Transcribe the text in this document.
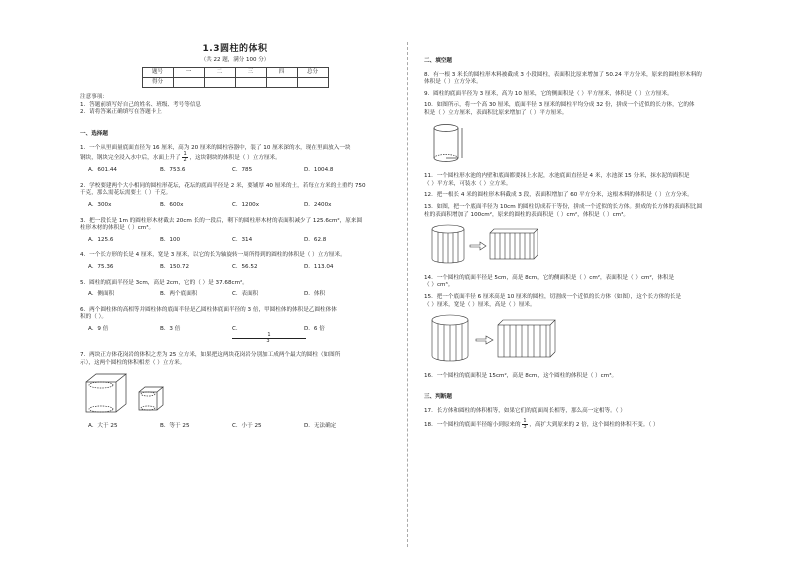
1.3圆柱的体积
（共 22 题，满分 100 分）
题号	一	二	三	四	总分
得分					
注意事项：
1．答题前填写好自己的姓名、班级、考号等信息
2．请将答案正确填写在答题卡上
一、选择题
1．一个从里面量底面直径为 16 厘米，高为 20 厘米的圆柱容器中，装了 10 厘米深的水，现在里面放入一块
钢块，钢块完全浸入水中后，水面上升了 $\frac{1}{2}$ ，这块钢块的体积是（ ）立方厘米。
A．601.44	B．753.6	C．785	D．1004.8
2．学校要建两个大小相同的圆柱形花坛，花坛的底面半径是 2 米，要铺厚 40 厘米的土，若每立方米的土重约 750
千克，那么需花坛需要土（ ）千克。
A．300x	B．600x	C．1200x	D．2400x
3．把一段长是 1m 的圆柱形木材截去 20cm 长的一段后，剩下的圆柱形木材的表面积减少了 125.6cm²，原来圆
柱形木材的体积是（ ）cm³。
A．125.6	B．100	C．314	D．62.8
4．一个长方形的长是 4 厘米，宽是 3 厘米，以它的长为轴旋转一周所得到的圆柱的体积是（ ）立方厘米。
A．75.36	B．150.72	C．56.52	D．113.04
5．圆柱的底面半径是 3cm，高是 2cm，它的（ ）是 37.68cm²。
A．侧面积	B．两个底面积	C．表面积	D．体积
6．两个圆柱体的高相等并圆柱体的底面半径是乙圆柱体底面半径的 3 倍，甲圆柱体的体积是乙圆柱体体
积的（ ）。
A．9 倍	B．3 倍	C．
$\frac{1}{3}$
D．6 倍
7．两块正方体花岗岩的体积之差为 25 立方米，如果把这两块花岗岩分别加工成两个最大的圆柱（如图所
示），这两个圆柱的体积相差（ ）立方米。
A．大于 25	B．等于 25	C．小于 25	D．无法确定
二、填空题
8．有一根 3 米长的圆柱形木料被截成 3 小段圆柱，表面积比原来增加了 50.24 平方分米，原来的圆柱形木料的
体积是（ ）立方分米。
9．圆柱的底面半径为 3 厘米，高为 10 厘米，它的侧面积是（ ）平方厘米，体积是（ ）立方厘米。
10．如图所示，将一个高 30 厘米，底面半径 3 厘米的圆柱平均分成 32 份，拼成一个近似的长方体，它的体
积是（ ）立方厘米，表面积比原来增加了（ ）平方厘米。
11．一个圆柱形水池的内壁和底面都要抹上水泥，水池底面直径是 4 米，水池深 15 分米，抹水泥的面积是
（ ）平方米，可装水（ ）立方米。
12．把一根长 4 米的圆柱形木料截成 3 段，表面积增加了 60 平方分米，这根木料的体积是（ ）立方分米。
13．如图，把一个底面半径为 10cm 的圆柱切成若干等份，拼成一个近似的长方体。拼成的长方体的表面积比圆
柱的表面积增加了 100cm²，原来的圆柱的表面积是（ ）cm²，体积是（ ）cm³。
14．一个圆柱的底面半径是 5cm，高是 8cm，它的侧面积是（ ）cm²，表面积是（ ）cm²，体积是
（ ）cm³。
15．把一个底面半径 6 厘米高是 10 厘米的圆柱，切割成一个近似的长方体（如图），这个长方体的长是
（ ）厘米，宽是（ ）厘米，高是（ ）厘米。
16．一个圆柱的底面积是 15cm²，高是 8cm，这个圆柱的体积是（ ）cm³。
三、判断题
17．长方体和圆柱的体积相等，如果它们的底面周长相等，那么高一定相等。（ ）
18．一个圆柱的底面半径缩小到原来的 $\frac{1}{3}$ ，高扩大到原来的 2 倍，这个圆柱的体积不变。（ ）
